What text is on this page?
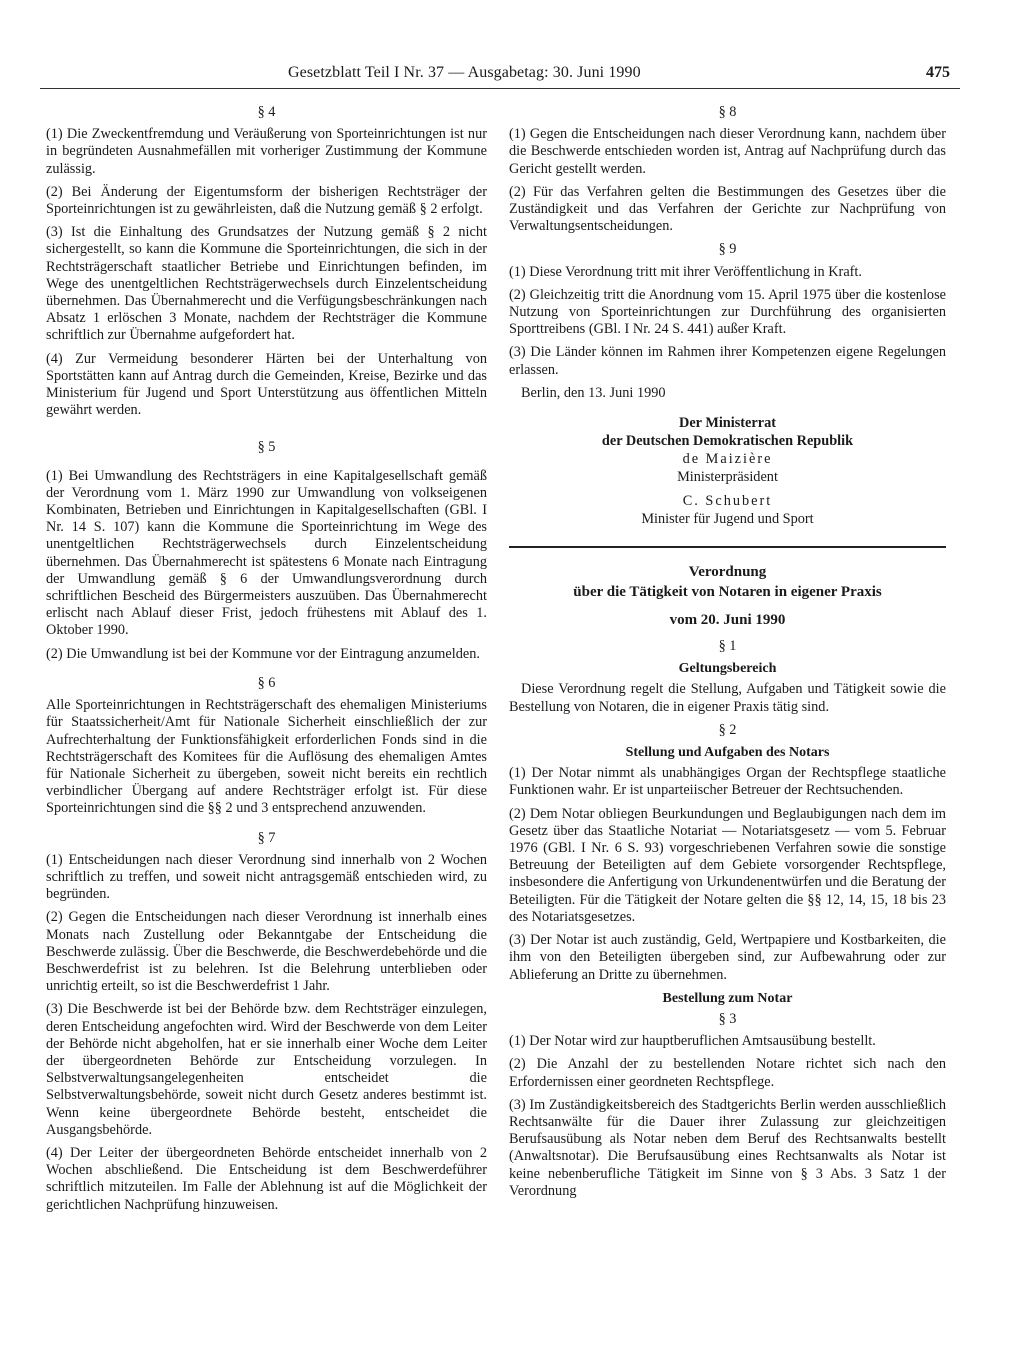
Gesetzblatt Teil I Nr. 37 — Ausgabetag: 30. Juni 1990	475
§ 4

(1) Die Zweckentfremdung und Veräußerung von Sporteinrichtungen ist nur in begründeten Ausnahmefällen mit vorheriger Zustimmung der Kommune zulässig.

(2) Bei Änderung der Eigentumsform der bisherigen Rechtsträger der Sporteinrichtungen ist zu gewährleisten, daß die Nutzung gemäß § 2 erfolgt.

(3) Ist die Einhaltung des Grundsatzes der Nutzung gemäß § 2 nicht sichergestellt, so kann die Kommune die Sporteinrichtungen, die sich in der Rechtsträgerschaft staatlicher Betriebe und Einrichtungen befinden, im Wege des unentgeltlichen Rechtsträgerwechsels durch Einzelentscheidung übernehmen. Das Übernahmerecht und die Verfügungsbeschränkungen nach Absatz 1 erlöschen 3 Monate, nachdem der Rechtsträger die Kommune schriftlich zur Übernahme aufgefordert hat.

(4) Zur Vermeidung besonderer Härten bei der Unterhaltung von Sportstätten kann auf Antrag durch die Gemeinden, Kreise, Bezirke und das Ministerium für Jugend und Sport Unterstützung aus öffentlichen Mitteln gewährt werden.

§ 5

(1) Bei Umwandlung des Rechtsträgers in eine Kapitalgesellschaft gemäß der Verordnung vom 1. März 1990 zur Umwandlung von volkseigenen Kombinaten, Betrieben und Einrichtungen in Kapitalgesellschaften (GBl. I Nr. 14 S. 107) kann die Kommune die Sporteinrichtung im Wege des unentgeltlichen Rechtsträgerwechsels durch Einzelentscheidung übernehmen. Das Übernahmerecht ist spätestens 6 Monate nach Eintragung der Umwandlung gemäß § 6 der Umwandlungsverordnung durch schriftlichen Bescheid des Bürgermeisters auszuüben. Das Übernahmerecht erlischt nach Ablauf dieser Frist, jedoch frühestens mit Ablauf des 1. Oktober 1990.

(2) Die Umwandlung ist bei der Kommune vor der Eintragung anzumelden.

§ 6

Alle Sporteinrichtungen in Rechtsträgerschaft des ehemaligen Ministeriums für Staatssicherheit/Amt für Nationale Sicherheit einschließlich der zur Aufrechterhaltung der Funktionsfähigkeit erforderlichen Fonds sind in die Rechtsträgerschaft des Komitees für die Auflösung des ehemaligen Amtes für Nationale Sicherheit zu übergeben, soweit nicht bereits ein rechtlich verbindlicher Übergang auf andere Rechtsträger erfolgt ist. Für diese Sporteinrichtungen sind die §§ 2 und 3 entsprechend anzuwenden.

§ 7

(1) Entscheidungen nach dieser Verordnung sind innerhalb von 2 Wochen schriftlich zu treffen, und soweit nicht antragsgemäß entschieden wird, zu begründen.

(2) Gegen die Entscheidungen nach dieser Verordnung ist innerhalb eines Monats nach Zustellung oder Bekanntgabe der Entscheidung die Beschwerde zulässig. Über die Beschwerde, die Beschwerdebehörde und die Beschwerdefrist ist zu belehren. Ist die Belehrung unterblieben oder unrichtig erteilt, so ist die Beschwerdefrist 1 Jahr.

(3) Die Beschwerde ist bei der Behörde bzw. dem Rechtsträger einzulegen, deren Entscheidung angefochten wird. Wird der Beschwerde von dem Leiter der Behörde nicht abgeholfen, hat er sie innerhalb einer Woche dem Leiter der übergeordneten Behörde zur Entscheidung vorzulegen. In Selbstverwaltungsangelegenheiten entscheidet die Selbstverwaltungsbehörde, soweit nicht durch Gesetz anderes bestimmt ist. Wenn keine übergeordnete Behörde besteht, entscheidet die Ausgangsbehörde.

(4) Der Leiter der übergeordneten Behörde entscheidet innerhalb von 2 Wochen abschließend. Die Entscheidung ist dem Beschwerdeführer schriftlich mitzuteilen. Im Falle der Ablehnung ist auf die Möglichkeit der gerichtlichen Nachprüfung hinzuweisen.

§ 8

(1) Gegen die Entscheidungen nach dieser Verordnung kann, nachdem über die Beschwerde entschieden worden ist, Antrag auf Nachprüfung durch das Gericht gestellt werden.

(2) Für das Verfahren gelten die Bestimmungen des Gesetzes über die Zuständigkeit und das Verfahren der Gerichte zur Nachprüfung von Verwaltungsentscheidungen.

§ 9

(1) Diese Verordnung tritt mit ihrer Veröffentlichung in Kraft.

(2) Gleichzeitig tritt die Anordnung vom 15. April 1975 über die kostenlose Nutzung von Sporteinrichtungen zur Durchführung des organisierten Sporttreibens (GBl. I Nr. 24 S. 441) außer Kraft.

(3) Die Länder können im Rahmen ihrer Kompetenzen eigene Regelungen erlassen.

Berlin, den 13. Juni 1990

Der Ministerrat

der Deutschen Demokratischen Republik

de Maizière

Ministerpräsident

C. Schubert

Minister für Jugend und Sport

Verordnung

über die Tätigkeit von Notaren in eigener Praxis

vom 20. Juni 1990

§ 1
Geltungsbereich

Diese Verordnung regelt die Stellung, Aufgaben und Tätigkeit sowie die Bestellung von Notaren, die in eigener Praxis tätig sind.

§ 2
Stellung und Aufgaben des Notars

(1) Der Notar nimmt als unabhängiges Organ der Rechtspflege staatliche Funktionen wahr. Er ist unparteiischer Betreuer der Rechtsuchenden.

(2) Dem Notar obliegen Beurkundungen und Beglaubigungen nach dem im Gesetz über das Staatliche Notariat — Notariatsgesetz — vom 5. Februar 1976 (GBl. I Nr. 6 S. 93) vorgeschriebenen Verfahren sowie die sonstige Betreuung der Beteiligten auf dem Gebiete vorsorgender Rechtspflege, insbesondere die Anfertigung von Urkundenentwürfen und die Beratung der Beteiligten. Für die Tätigkeit der Notare gelten die §§ 12, 14, 15, 18 bis 23 des Notariatsgesetzes.

(3) Der Notar ist auch zuständig, Geld, Wertpapiere und Kostbarkeiten, die ihm von den Beteiligten übergeben sind, zur Aufbewahrung oder zur Ablieferung an Dritte zu übernehmen.

Bestellung zum Notar
§ 3

(1) Der Notar wird zur hauptberuflichen Amtsausübung bestellt.

(2) Die Anzahl der zu bestellenden Notare richtet sich nach den Erfordernissen einer geordneten Rechtspflege.

(3) Im Zuständigkeitsbereich des Stadtgerichts Berlin werden ausschließlich Rechtsanwälte für die Dauer ihrer Zulassung zur gleichzeitigen Berufsausübung als Notar neben dem Beruf des Rechtsanwalts bestellt (Anwaltsnotar). Die Berufsausübung eines Rechtsanwalts als Notar ist keine nebenberufliche Tätigkeit im Sinne von § 3 Abs. 3 Satz 1 der Verordnung
